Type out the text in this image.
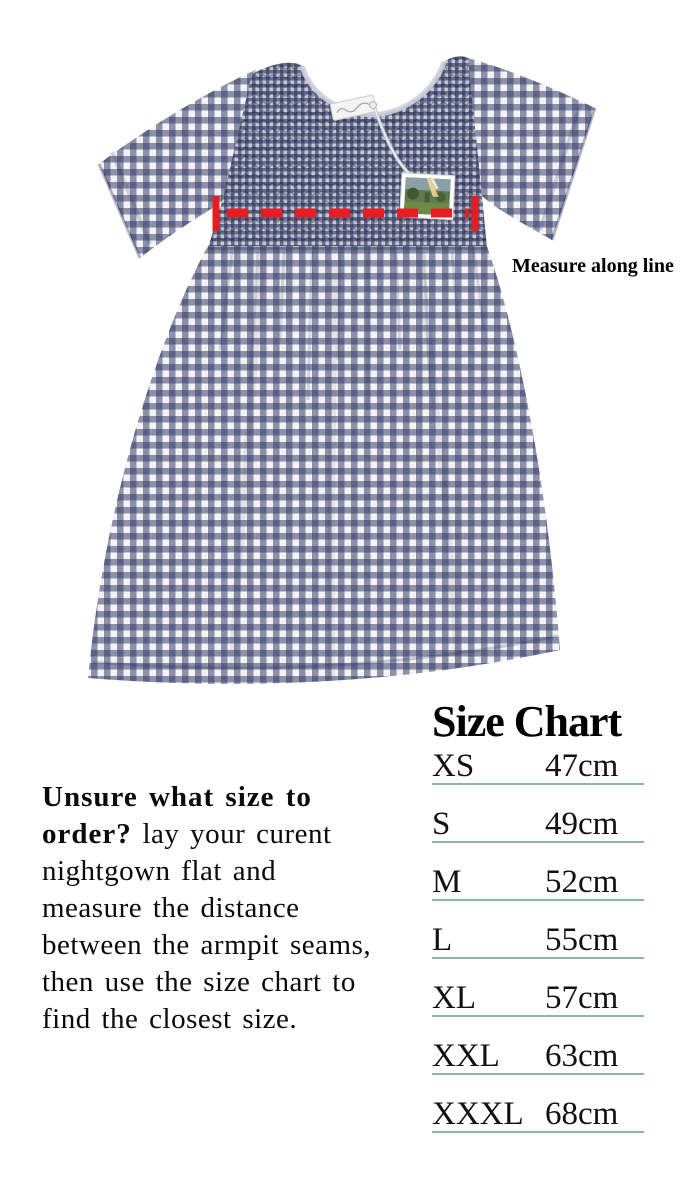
Measure along line
Size Chart
XS	47cm
S	49cm
M	52cm
L	55cm
XL	57cm
XXL	63cm
XXXL 68cm
Unsure what size to
order? lay your curent
nightgown flat and
measure the distance
between the armpit seams,
then use the size chart to
find the closest size.
